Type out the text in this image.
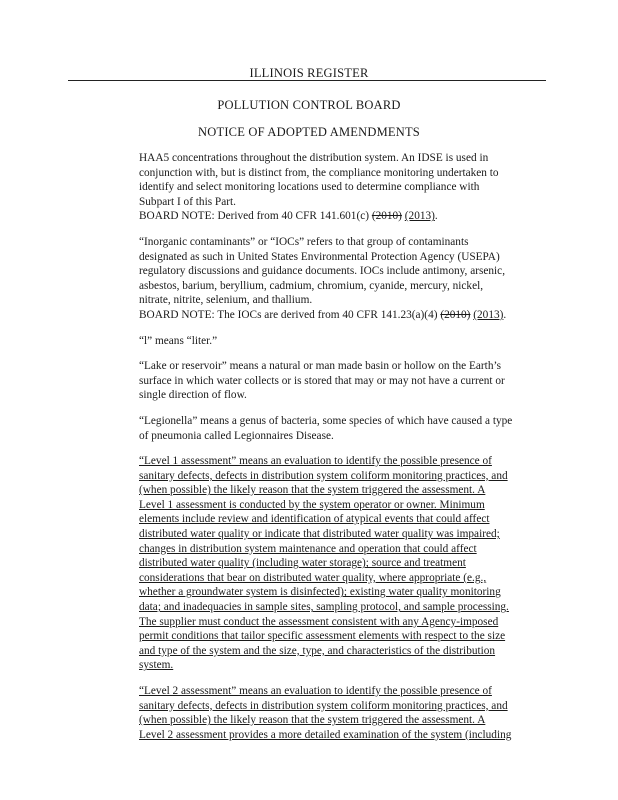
ILLINOIS REGISTER
POLLUTION CONTROL BOARD
NOTICE OF ADOPTED AMENDMENTS

HAA5 concentrations throughout the distribution system. An IDSE is used in
conjunction with, but is distinct from, the compliance monitoring undertaken to
identify and select monitoring locations used to determine compliance with
Subpart I of this Part.
BOARD NOTE: Derived from 40 CFR 141.601(c) (2010) (2013).

“Inorganic contaminants” or “IOCs” refers to that group of contaminants
designated as such in United States Environmental Protection Agency (USEPA)
regulatory discussions and guidance documents. IOCs include antimony, arsenic,
asbestos, barium, beryllium, cadmium, chromium, cyanide, mercury, nickel,
nitrate, nitrite, selenium, and thallium.
BOARD NOTE: The IOCs are derived from 40 CFR 141.23(a)(4) (2010) (2013).

“l” means “liter.”

“Lake or reservoir” means a natural or man made basin or hollow on the Earth’s
surface in which water collects or is stored that may or may not have a current or
single direction of flow.

“Legionella” means a genus of bacteria, some species of which have caused a type
of pneumonia called Legionnaires Disease.

“Level 1 assessment” means an evaluation to identify the possible presence of
sanitary defects, defects in distribution system coliform monitoring practices, and
(when possible) the likely reason that the system triggered the assessment. A
Level 1 assessment is conducted by the system operator or owner. Minimum
elements include review and identification of atypical events that could affect
distributed water quality or indicate that distributed water quality was impaired;
changes in distribution system maintenance and operation that could affect
distributed water quality (including water storage); source and treatment
considerations that bear on distributed water quality, where appropriate (e.g.,
whether a groundwater system is disinfected); existing water quality monitoring
data; and inadequacies in sample sites, sampling protocol, and sample processing.
The supplier must conduct the assessment consistent with any Agency-imposed
permit conditions that tailor specific assessment elements with respect to the size
and type of the system and the size, type, and characteristics of the distribution
system.

“Level 2 assessment” means an evaluation to identify the possible presence of
sanitary defects, defects in distribution system coliform monitoring practices, and
(when possible) the likely reason that the system triggered the assessment. A
Level 2 assessment provides a more detailed examination of the system (including
